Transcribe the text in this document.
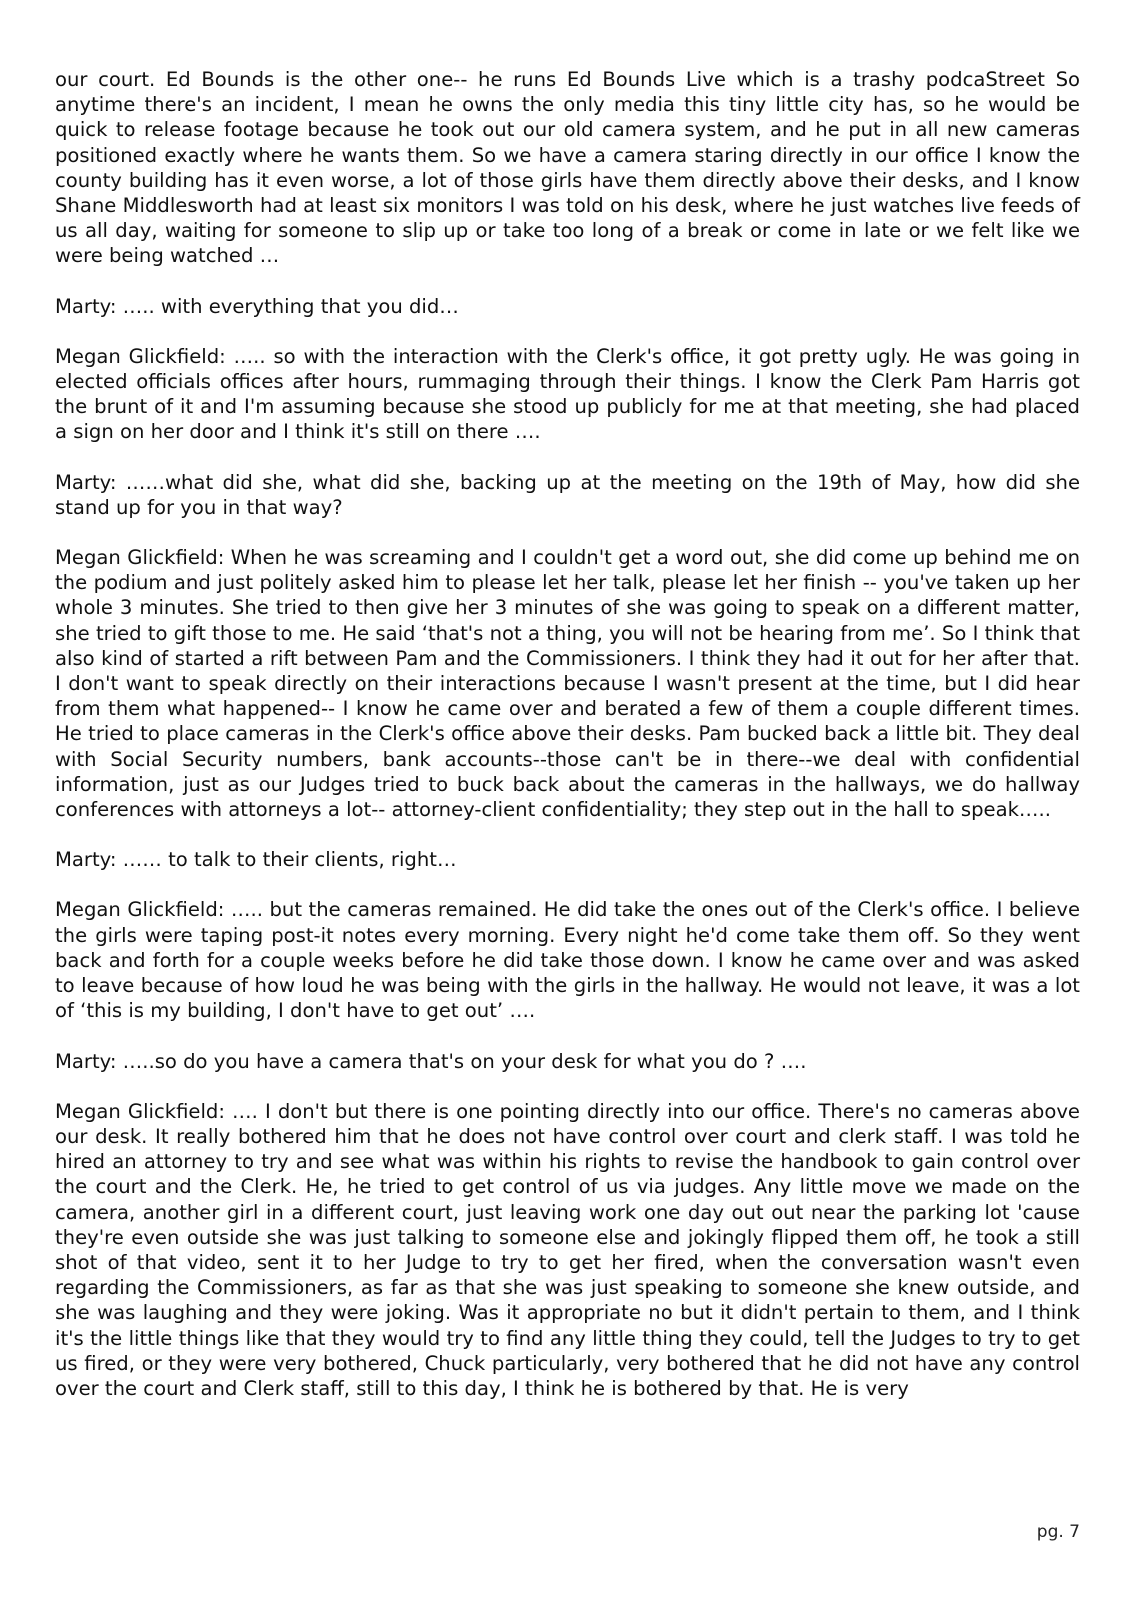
our court. Ed Bounds is the other one-- he runs Ed Bounds Live which is a trashy podcaStreet So anytime there's an incident, I mean he owns the only media this tiny little city has, so he would be quick to release footage because he took out our old camera system, and he put in all new cameras positioned exactly where he wants them. So we have a camera staring directly in our office I know the county building has it even worse, a lot of those girls have them directly above their desks, and I know Shane Middlesworth had at least six monitors I was told on his desk, where he just watches live feeds of us all day, waiting for someone to slip up or take too long of a break or come in late or we felt like we were being watched …

Marty: ….. with everything that you did…

Megan Glickfield: ….. so with the interaction with the Clerk's office, it got pretty ugly. He was going in elected officials offices after hours, rummaging through their things. I know the Clerk Pam Harris got the brunt of it and I'm assuming because she stood up publicly for me at that meeting, she had placed a sign on her door and I think it's still on there ….

Marty: ……what did she, what did she, backing up at the meeting on the 19th of May, how did she stand up for you in that way?

Megan Glickfield: When he was screaming and I couldn't get a word out, she did come up behind me on the podium and just politely asked him to please let her talk, please let her finish -- you've taken up her whole 3 minutes. She tried to then give her 3 minutes of she was going to speak on a different matter, she tried to gift those to me. He said ‘that's not a thing, you will not be hearing from me’. So I think that also kind of started a rift between Pam and the Commissioners. I think they had it out for her after that. I don't want to speak directly on their interactions because I wasn't present at the time, but I did hear from them what happened-- I know he came over and berated a few of them a couple different times. He tried to place cameras in the Clerk's office above their desks. Pam bucked back a little bit. They deal with Social Security numbers, bank accounts--those can't be in there--we deal with confidential information, just as our Judges tried to buck back about the cameras in the hallways, we do hallway conferences with attorneys a lot-- attorney-client confidentiality; they step out in the hall to speak…..

Marty: …… to talk to their clients, right…

Megan Glickfield: ….. but the cameras remained. He did take the ones out of the Clerk's office. I believe the girls were taping post-it notes every morning. Every night he'd come take them off. So they went back and forth for a couple weeks before he did take those down. I know he came over and was asked to leave because of how loud he was being with the girls in the hallway. He would not leave, it was a lot of ‘this is my building, I don't have to get out’ ….

Marty: …..so do you have a camera that's on your desk for what you do ? ….

Megan Glickfield: …. I don't but there is one pointing directly into our office. There's no cameras above our desk. It really bothered him that he does not have control over court and clerk staff. I was told he hired an attorney to try and see what was within his rights to revise the handbook to gain control over the court and the Clerk. He, he tried to get control of us via judges. Any little move we made on the camera, another girl in a different court, just leaving work one day out out near the parking lot 'cause they're even outside she was just talking to someone else and jokingly flipped them off, he took a still shot of that video, sent it to her Judge to try to get her fired, when the conversation wasn't even regarding the Commissioners, as far as that she was just speaking to someone she knew outside, and she was laughing and they were joking. Was it appropriate no but it didn't pertain to them, and I think it's the little things like that they would try to find any little thing they could, tell the Judges to try to get us fired, or they were very bothered, Chuck particularly, very bothered that he did not have any control over the court and Clerk staff, still to this day, I think he is bothered by that. He is very

pg. 7
